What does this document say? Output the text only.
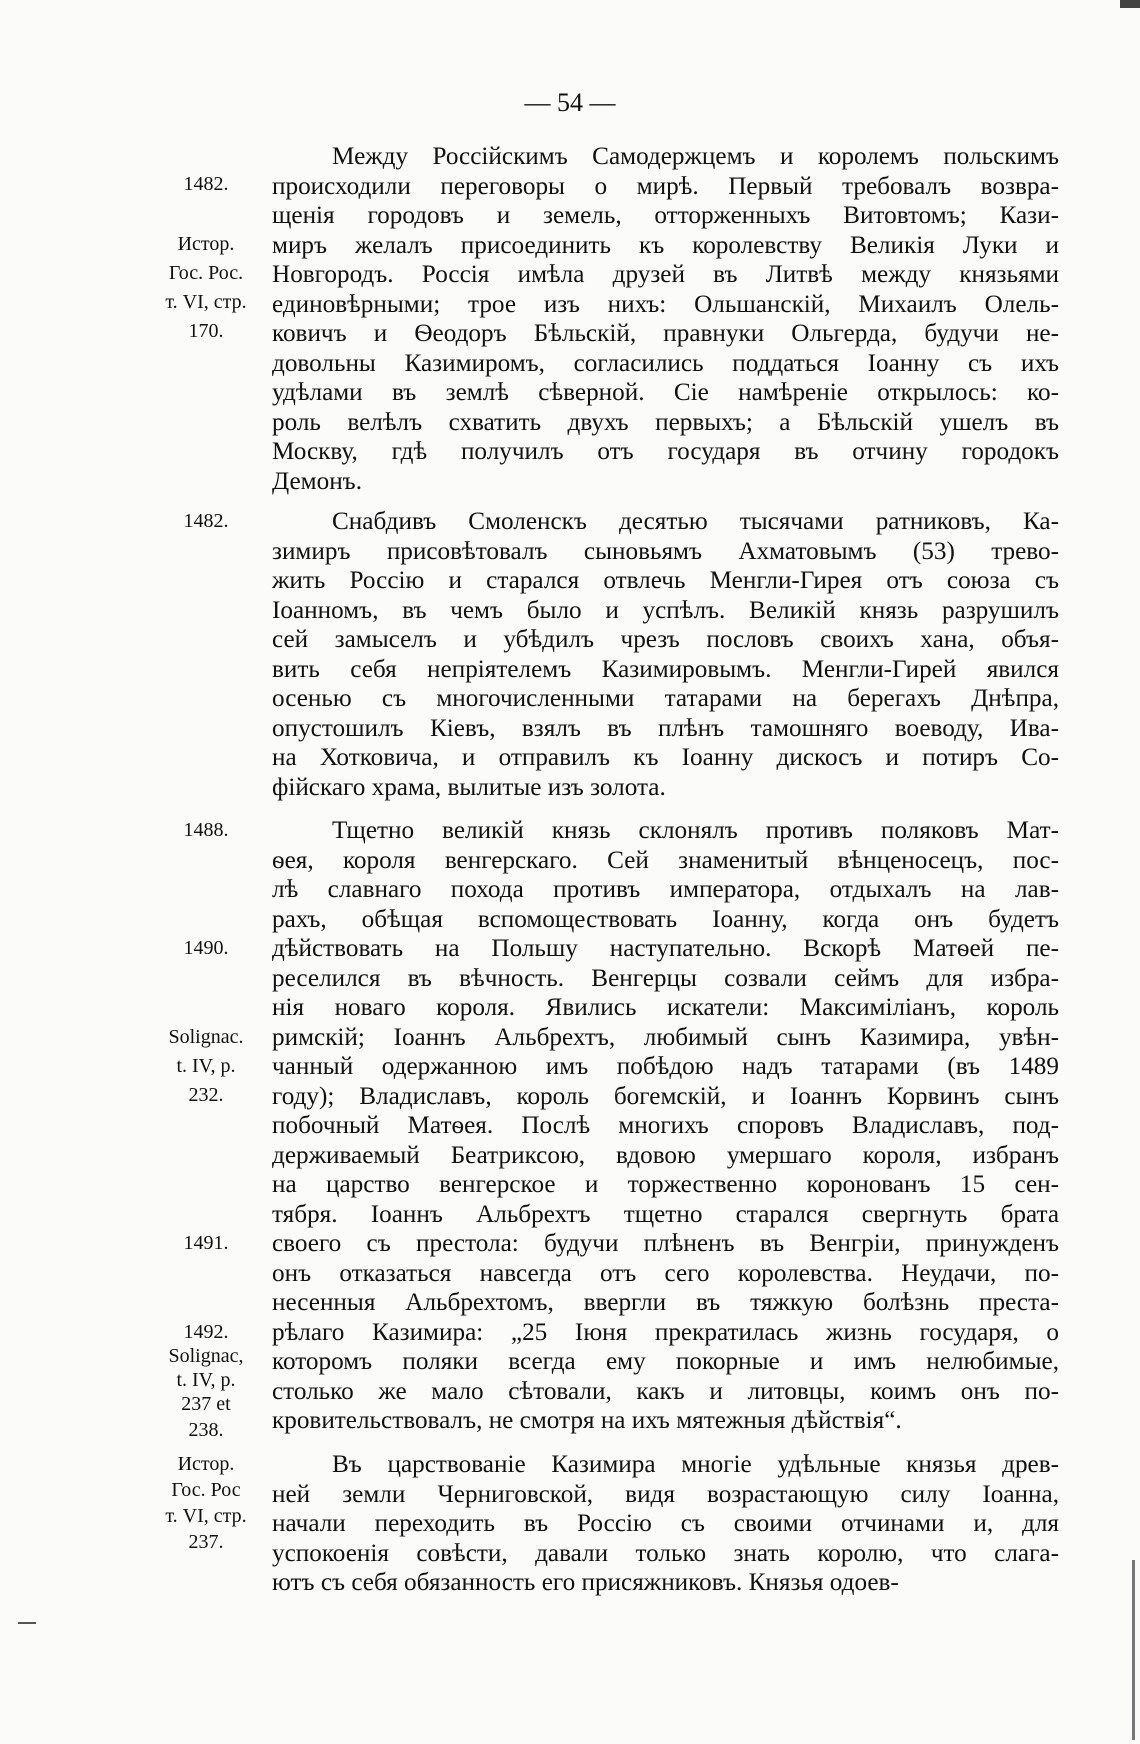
— 54 —
1482.
Истор.
Гос. Рос.
т. VI, стр.
170.
Между Россійскимъ Самодержцемъ и королемъ польскимъ
происходили переговоры о мирѣ. Первый требовалъ возвра-
щенія городовъ и земель, отторженныхъ Витовтомъ; Кази-
миръ желалъ присоединить къ королевству Великія Луки и
Новгородъ. Россія имѣла друзей въ Литвѣ между князьями
единовѣрными; трое изъ нихъ: Ольшанскій, Михаилъ Олель-
ковичъ и Ѳеодоръ Бѣльскій, правнуки Ольгерда, будучи не-
довольны Казимиромъ, согласились поддаться Іоанну съ ихъ
удѣлами въ землѣ сѣверной. Сіе намѣреніе открылось: ко-
роль велѣлъ схватить двухъ первыхъ; а Бѣльскій ушелъ въ
Москву, гдѣ получилъ отъ государя въ отчину городокъ
Демонъ.
1482.	Снабдивъ Смоленскъ десятью тысячами ратниковъ, Ка-
зимиръ присовѣтовалъ сыновьямъ Ахматовымъ (53) трево-
жить Россію и старался отвлечь Менгли-Гирея отъ союза съ
Іоанномъ, въ чемъ было и успѣлъ. Великій князь разрушилъ
сей замыселъ и убѣдилъ чрезъ пословъ своихъ хана, объя-
вить себя непріятелемъ Казимировымъ. Менгли-Гирей явился
осенью съ многочисленными татарами на берегахъ Днѣпра,
опустошилъ Кіевъ, взялъ въ плѣнъ тамошняго воеводу, Ива-
на Хотковича, и отправилъ къ Іоанну дискосъ и потиръ Со-
фійскаго храма, вылитые изъ золота.
1488.
1490.
Solignac.
t. IV, p.
232.
1491.
1492.
Solignac,
t. IV, p.
237 et
238.
Тщетно великій князь склонялъ противъ поляковъ Мат-
ѳея, короля венгерскаго. Сей знаменитый вѣнценосецъ, пос-
лѣ славнаго похода противъ императора, отдыхалъ на лав-
рахъ, обѣщая вспомоществовать Іоанну, когда онъ будетъ
дѣйствовать на Польшу наступательно. Вскорѣ Матѳей пе-
реселился въ вѣчность. Венгерцы созвали сеймъ для избра-
нія новаго короля. Явились искатели: Максиміліанъ, король
римскій; Іоаннъ Альбрехтъ, любимый сынъ Казимира, увѣн-
чанный одержанною имъ побѣдою надъ татарами (въ 1489
году); Владиславъ, король богемскій, и Іоаннъ Корвинъ сынъ
побочный Матѳея. Послѣ многихъ споровъ Владиславъ, под-
держиваемый Беатриксою, вдовою умершаго короля, избранъ
на царство венгерское и торжественно коронованъ 15 сен-
тября. Іоаннъ Альбрехтъ тщетно старался свергнуть брата
своего съ престола: будучи плѣненъ въ Венгріи, принужденъ
онъ отказаться навсегда отъ сего королевства. Неудачи, по-
несенныя Альбрехтомъ, ввергли въ тяжкую болѣзнь преста-
рѣлаго Казимира: „25 Іюня прекратилась жизнь государя, о
которомъ поляки всегда ему покорные и имъ нелюбимые,
столько же мало сѣтовали, какъ и литовцы, коимъ онъ по-
кровительствовалъ, не смотря на ихъ мятежныя дѣйствія“.
Истор.
Гос. Рос
т. VI, стр.
237.
Въ царствованіе Казимира многіе удѣльные князья древ-
ней земли Черниговской, видя возрастающую силу Іоанна,
начали переходить въ Россію съ своими отчинами и, для
успокоенія совѣсти, давали только знать королю, что слага-
ютъ съ себя обязанность его присяжниковъ. Князья одоев-
